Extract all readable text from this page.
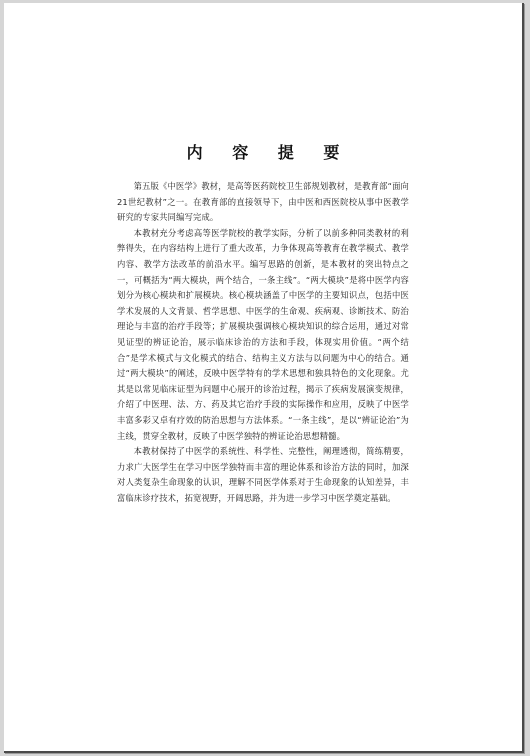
内 容 提 要

第五版《中医学》教材，是高等医药院校卫生部规划教材，是教育部“面向21世纪教材”之一。在教育部的直接领导下，由中医和西医院校从事中医教学研究的专家共同编写完成。

本教材充分考虑高等医学院校的教学实际，分析了以前多种同类教材的利弊得失，在内容结构上进行了重大改革，力争体现高等教育在教学模式、教学内容、教学方法改革的前沿水平。编写思路的创新，是本教材的突出特点之一，可概括为“两大模块，两个结合，一条主线”。“两大模块”是将中医学内容划分为核心模块和扩展模块。核心模块涵盖了中医学的主要知识点，包括中医学术发展的人文背景、哲学思想、中医学的生命观、疾病观、诊断技术、防治理论与丰富的治疗手段等；扩展模块强调核心模块知识的综合运用，通过对常见证型的辨证论治，展示临床诊治的方法和手段，体现实用价值。“两个结合”是学术模式与文化模式的结合、结构主义方法与以问题为中心的结合。通过“两大模块”的阐述，反映中医学特有的学术思想和独具特色的文化现象。尤其是以常见临床证型为问题中心展开的诊治过程，揭示了疾病发展演变规律，介绍了中医理、法、方、药及其它治疗手段的实际操作和应用，反映了中医学丰富多彩又卓有疗效的防治思想与方法体系。“一条主线”，是以“辨证论治”为主线，贯穿全教材，反映了中医学独特的辨证论治思想精髓。

本教材保持了中医学的系统性、科学性、完整性，阐理透彻，简练精要，力求广大医学生在学习中医学独特而丰富的理论体系和诊治方法的同时，加深对人类复杂生命现象的认识，理解不同医学体系对于生命现象的认知差异，丰富临床诊疗技术，拓宽视野，开阔思路，并为进一步学习中医学奠定基础。
